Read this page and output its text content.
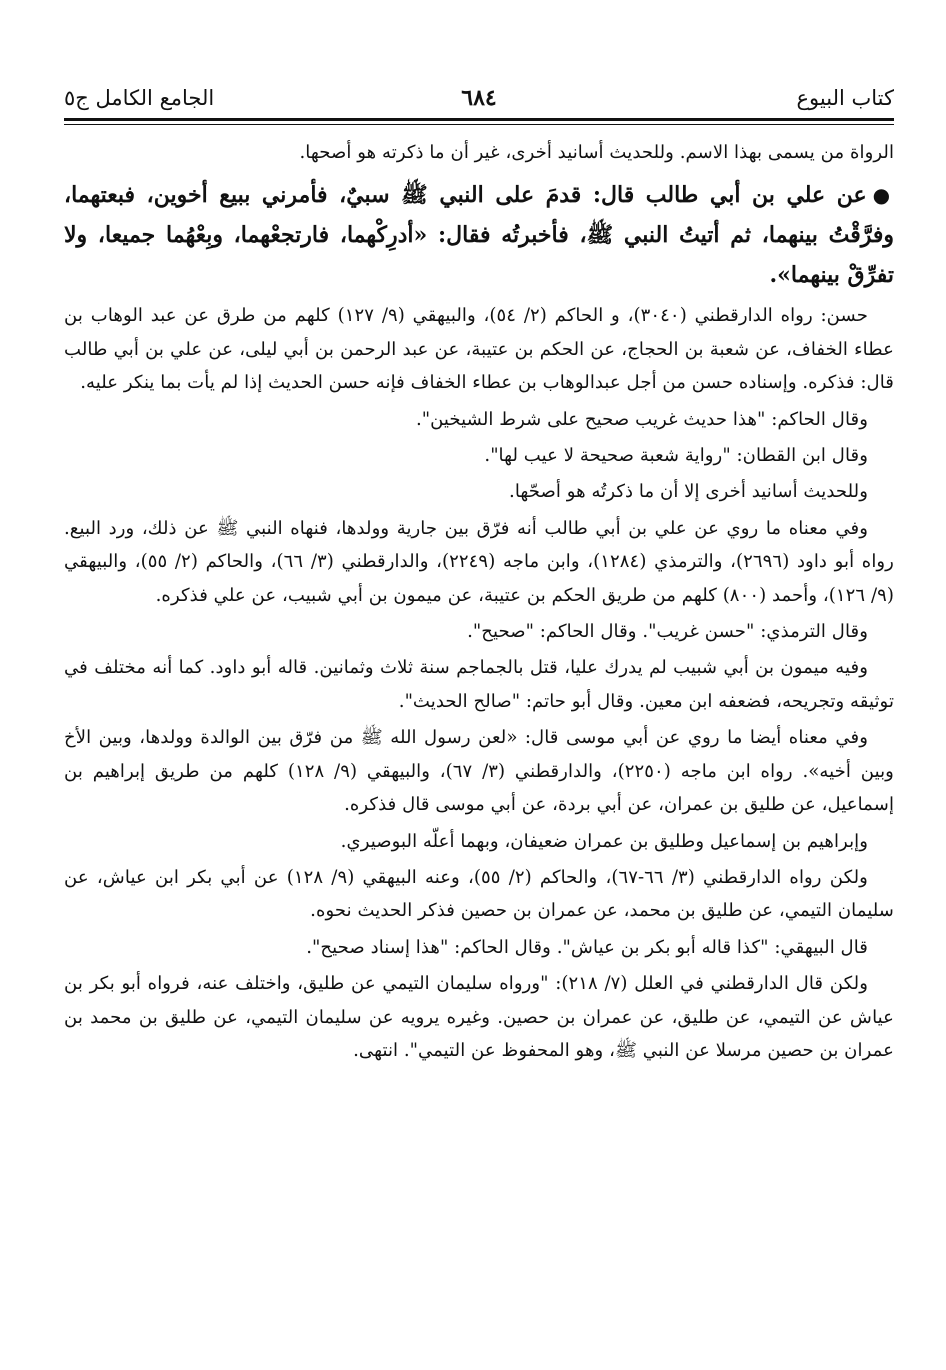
كتاب البيوع
٦٨٤
الجامع الكامل ج٥

الرواة من يسمى بهذا الاسم. وللحديث أسانيد أخرى، غير أن ما ذكرته هو أصحها.

●عن علي بن أبي طالب قال: قدمَ على النبي ﷺ سبيٌ، فأمرني ببيع أخوين، فبعتهما، وفرَّقْتُ بينهما، ثم أتيتُ النبي ﷺ، فأخبرتُه فقال: «أدرِكْهما، فارتجعْهما، وبِعْهُما جميعا، ولا تفرِّقْ بينهما».

حسن: رواه الدارقطني (٣٠٤٠)، و الحاكم (٢/ ٥٤)، والبيهقي (٩/ ١٢٧) كلهم من طرق عن عبد الوهاب بن عطاء الخفاف، عن شعبة بن الحجاج، عن الحكم بن عتيبة، عن عبد الرحمن بن أبي ليلى، عن علي بن أبي طالب قال: فذكره. وإسناده حسن من أجل عبدالوهاب بن عطاء الخفاف فإنه حسن الحديث إذا لم يأت بما ينكر عليه.

وقال الحاكم: "هذا حديث غريب صحيح على شرط الشيخين".

وقال ابن القطان: "رواية شعبة صحيحة لا عيب لها".

وللحديث أسانيد أخرى إلا أن ما ذكرتُه هو أصحّها.

وفي معناه ما روي عن علي بن أبي طالب أنه فرّق بين جارية وولدها، فنهاه النبي ﷺ عن ذلك، ورد البيع. رواه أبو داود (٢٦٩٦)، والترمذي (١٢٨٤)، وابن ماجه (٢٢٤٩)، والدارقطني (٣/ ٦٦)، والحاكم (٢/ ٥٥)، والبيهقي (٩/ ١٢٦)، وأحمد (٨٠٠) كلهم من طريق الحكم بن عتيبة، عن ميمون بن أبي شبيب، عن علي فذكره.

وقال الترمذي: "حسن غريب". وقال الحاكم: "صحيح".

وفيه ميمون بن أبي شبيب لم يدرك عليا، قتل بالجماجم سنة ثلاث وثمانين. قاله أبو داود. كما أنه مختلف في توثيقه وتجريحه، فضعفه ابن معين. وقال أبو حاتم: "صالح الحديث".

وفي معناه أيضا ما روي عن أبي موسى قال: «لعن رسول الله ﷺ من فرّق بين الوالدة وولدها، وبين الأخ وبين أخيه». رواه ابن ماجه (٢٢٥٠)، والدارقطني (٣/ ٦٧)، والبيهقي (٩/ ١٢٨) كلهم من طريق إبراهيم بن إسماعيل، عن طليق بن عمران، عن أبي بردة، عن أبي موسى قال فذكره.

وإبراهيم بن إسماعيل وطليق بن عمران ضعيفان، وبهما أعلّه البوصيري.

ولكن رواه الدارقطني (٣/ ٦٦-٦٧)، والحاكم (٢/ ٥٥)، وعنه البيهقي (٩/ ١٢٨) عن أبي بكر ابن عياش، عن سليمان التيمي، عن طليق بن محمد، عن عمران بن حصين فذكر الحديث نحوه.

قال البيهقي: "كذا قاله أبو بكر بن عياش". وقال الحاكم: "هذا إسناد صحيح".

ولكن قال الدارقطني في العلل (٧/ ٢١٨): "ورواه سليمان التيمي عن طليق، واختلف عنه، فرواه أبو بكر بن عياش عن التيمي، عن طليق، عن عمران بن حصين. وغيره يرويه عن سليمان التيمي، عن طليق بن محمد بن عمران بن حصين مرسلا عن النبي ﷺ، وهو المحفوظ عن التيمي". انتهى.
